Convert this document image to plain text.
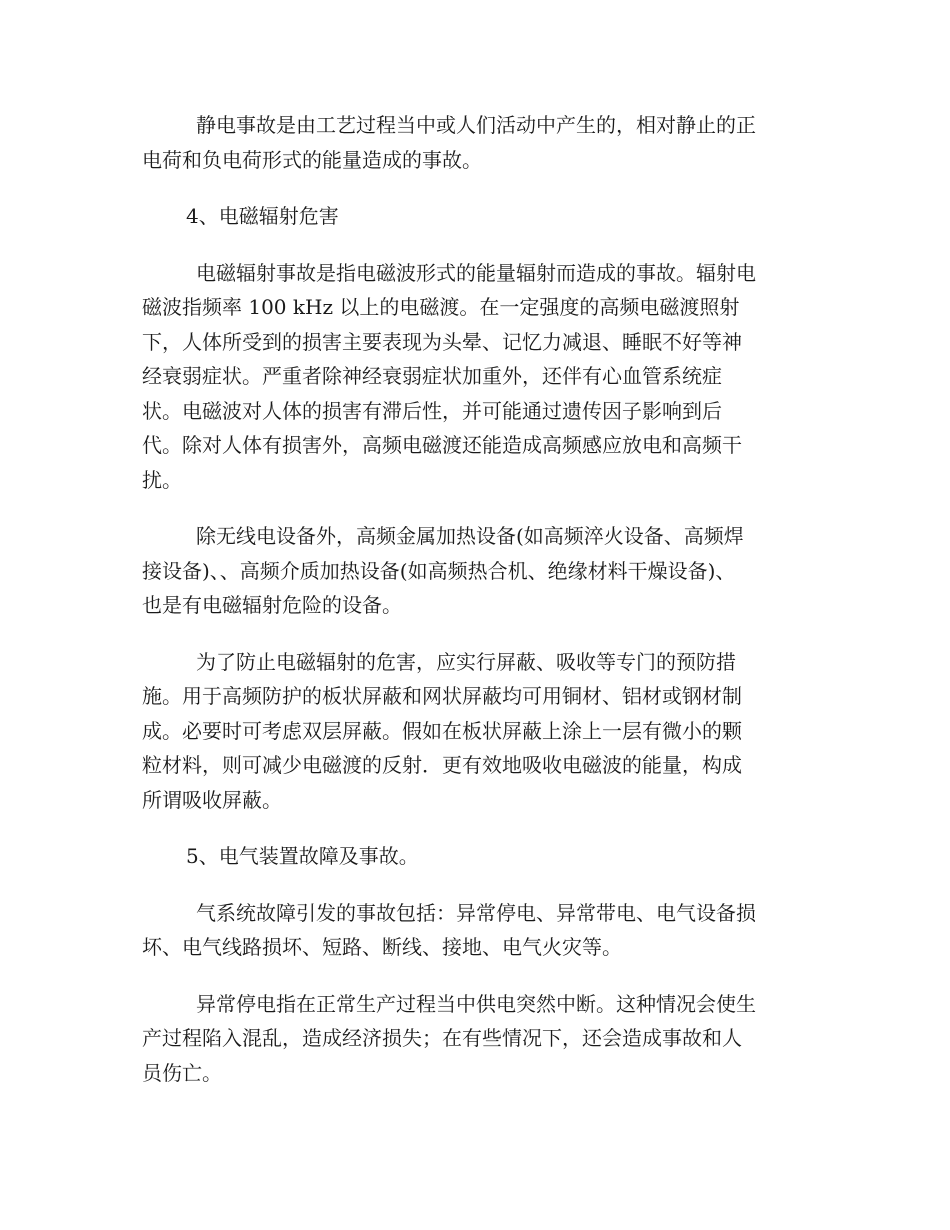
静电事故是由工艺过程当中或人们活动中产生的，相对静止的正
电荷和负电荷形式的能量造成的事故。

4、电磁辐射危害

电磁辐射事故是指电磁波形式的能量辐射而造成的事故。辐射电
磁波指频率 100 kHz 以上的电磁渡。在一定强度的高频电磁渡照射
下，人体所受到的损害主要表现为头晕、记忆力减退、睡眠不好等神
经衰弱症状。严重者除神经衰弱症状加重外，还伴有心血管系统症
状。电磁波对人体的损害有滞后性，并可能通过遗传因子影响到后
代。除对人体有损害外，高频电磁渡还能造成高频感应放电和高频干
扰。

除无线电设备外，高频金属加热设备(如高频淬火设备、高频焊
接设备)、、高频介质加热设备(如高频热合机、绝缘材料干燥设备)、
也是有电磁辐射危险的设备。

为了防止电磁辐射的危害，应实行屏蔽、吸收等专门的预防措
施。用于高频防护的板状屏蔽和网状屏蔽均可用铜材、铝材或钢材制
成。必要时可考虑双层屏蔽。假如在板状屏蔽上涂上一层有微小的颗
粒材料，则可减少电磁渡的反射．更有效地吸收电磁波的能量，构成
所谓吸收屏蔽。

5、电气装置故障及事故。

气系统故障引发的事故包括：异常停电、异常带电、电气设备损
坏、电气线路损坏、短路、断线、接地、电气火灾等。

异常停电指在正常生产过程当中供电突然中断。这种情况会使生
产过程陷入混乱，造成经济损失；在有些情况下，还会造成事故和人
员伤亡。
